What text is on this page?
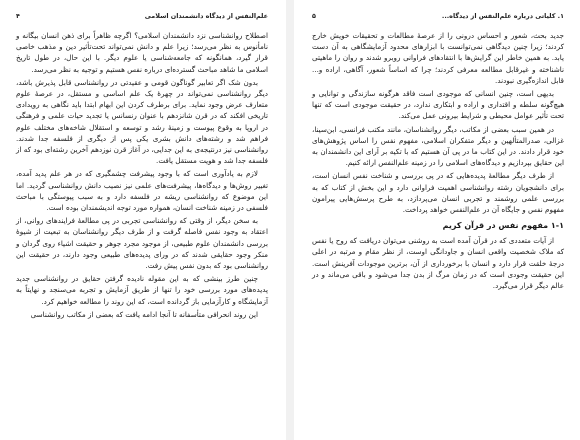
علم‌النفس از دیدگاه دانشمندان اسلامی
۴

اصطلاح روانشناسی نزد دانشمندان اسلامی؟ اگرچه ظاهراً برای ذهن انسان بیگانه و نامأنوس به نظر می‌رسد؛ زیرا علم و دانش نمی‌تواند تحت‌تأثیر دین و مذهب خاصی قرار گیرد، همانگونه که جامعه‌شناسی یا علوم دیگر. با این حال، در طول تاریخ اسلامی ما شاهد مباحث گسترده‌ای درباره نفس هستیم و توجیه به نظر می‌رسد.

بدون شک اگر تعابیر گوناگون قومی و عقیدتی در روانشناسی قابل پذیرش باشد، دیگر روانشناسی نمی‌تواند در چهرهٔ یک علم اساسی و مستقل، در عرصهٔ علوم متعارف عرض وجود نماید. برای برطرف کردن این ابهام ابتدا باید نگاهی به رویدادی تاریخی افکند که در قرن شانزدهم با عنوان رنسانس یا تجدید حیات علمی و فرهنگی در اروپا به وقوع پیوست و زمینهٔ رشد و توسعه و استقلال شاخه‌های مختلف علوم فراهم شد و رشته‌های دانش بشری یکی پس از دیگری از فلسفه جدا شدند. روانشناسی نیز درنتیجه‌ی به این جدایی، در آغاز قرن نوزدهم آخرین رشته‌ای بود که از فلسفه جدا شد و هویت مستقل یافت.

لازم به یادآوری است که با وجود پیشرفت چشمگیری که در هر علم پدید آمده، تغییر روش‌ها و دیدگاه‌ها، پیشرفت‌های علمی نیز نصیب دانش روانشناسی گردید. اما این موضوع که روانشناسی ریشه در فلسفه دارد و به سبب پیوستگی با مباحث فلسفی در زمینه شناخت انسان، همواره مورد توجه اندیشمندان بوده است.

به سخن دیگر، از وقتی که روانشناسی تجربی در پی مطالعهٔ فرایندهای روانی، از اعتقاد به وجود نفس فاصله گرفت و از طرف دیگر روانشناسان به تبعیت از شیوهٔ بررسی دانشمندان علوم طبیعی، از موجود مجرد جوهر و حقیقت اشیاء روی گردان و منکر وجود حقایقی شدند که در ورای پدیده‌های طبیعی وجود دارند، در حقیقت این روانشناسی بود که بدون نفس پیش رفت.

چنین طرز بینشی که به این مقوله نادیده گرفتن حقایق در روانشناسی جدید پدیده‌های مورد بررسی خود را تنها از طریق آزمایش و تجربه می‌سنجد و نهایتاً به آزمایشگاه و کارآزمایی باز گردانده است، که این روند را مطالعه خواهیم کرد.

این روند انحرافی متأسفانه تا آنجا ادامه یافت که بعضی از مکاتب روانشناسی

۱. کلیاتی درباره علم‌النفس از دیدگاه...
۵

جدید بحث، شعور و احساس درونی را از عرصهٔ مطالعات و تحقیقات خویش خارج کردند؛ زیرا چنین دیدگاهی نمی‌توانست با ابزارهای محدود آزمایشگاهی به آن دست یابد. به همین خاطر این گرایش‌ها با انتقادهای فراوانی روبرو شدند و روان را ماهیتی ناشناخته و غیرقابل مطالعه معرفی کردند؛ چرا که اساساً شعور، آگاهی، اراده و... قابل اندازه‌گیری نبودند.

بدیهی است، چنین انسانی که موجودی است فاقد هرگونه سازندگی و توانایی و هیچ‌گونه سلطه و اقتداری و اراده و ابتکاری ندارد، در حقیقت موجودی است که تنها تحت تأثیر عوامل محیطی و شرایط بیرونی عمل می‌کند.

در همین سبب بعضی از مکاتب، دیگر روانشناسان، مانند مکتب فرانسی، ابن‌سینا، غزالی، صدرالمتألهین و دیگر متفکران اسلامی، مفهوم نفس را اساس پژوهش‌های خود قرار دادند. در این کتاب ما در پی آن هستیم که با تکیه بر آرای این دانشمندان به این حقایق بپردازیم و دیدگاه‌های اسلامی را در زمینه علم‌النفس ارائه کنیم.

از طرف دیگر مطالعهٔ پدیده‌هایی که در پی بررسی و شناخت نفس انسان است، برای دانشجویان رشته روانشناسی اهمیت فراوانی دارد و این بخش از کتاب که به بررسی علمی روشمند و تجربی انسان می‌پردازد، به طرح پرسش‌هایی پیرامون مفهوم نفس و جایگاه آن در علم‌النفس خواهد پرداخت.

۱-۱ مفهوم نفس در قرآن کریم

از آیات متعددی که در قرآن آمده است به روشنی می‌توان دریافت که روح یا نفس که ملاک شخصیت واقعی انسان و جاودانگی اوست، از نظر مقام و مرتبه در اعلی درجهٔ خلقت قرار دارد و انسان با برخورداری از آن، برترین موجودات آفرینش است. این حقیقت وجودی است که در زمان مرگ از بدن جدا می‌شود و باقی می‌ماند و در عالم دیگر قرار می‌گیرد.
